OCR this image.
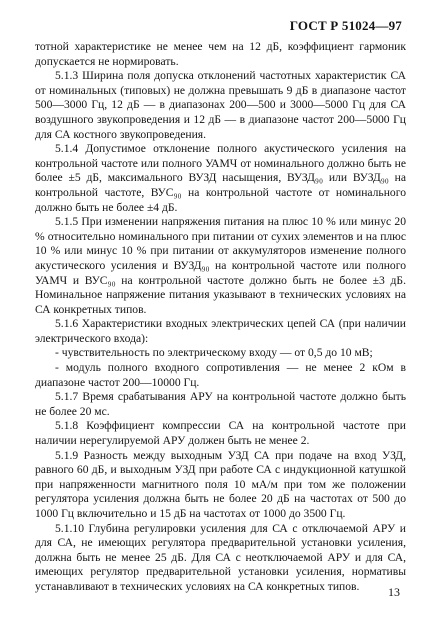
ГОСТ Р 51024—97

тотной характеристике не менее чем на 12 дБ, коэффициент гармоник допускается не нормировать.

5.1.3 Ширина поля допуска отклонений частотных характеристик СА от номинальных (типовых) не должна превышать 9 дБ в диапазоне частот 500—3000 Гц, 12 дБ — в диапазонах 200—500 и 3000—5000 Гц для СА воздушного звукопроведения и 12 дБ — в диапазоне частот 200—5000 Гц для СА костного звукопроведения.

5.1.4 Допустимое отклонение полного акустического усиления на контрольной частоте или полного УАМЧ от номинального должно быть не более ±5 дБ, максимального ВУЗД насыщения, ВУЗД₉₀ или ВУЗД₉₀ на контрольной частоте, ВУС₉₀ на контрольной частоте от номинального должно быть не более ±4 дБ.

5.1.5 При изменении напряжения питания на плюс 10 % или минус 20 % относительно номинального при питании от сухих элементов и на плюс 10 % или минус 10 % при питании от аккумуляторов изменение полного акустического усиления и ВУЗД₉₀ на контрольной частоте или полного УАМЧ и ВУС₉₀ на контрольной частоте должно быть не более ±3 дБ. Номинальное напряжение питания указывают в технических условиях на СА конкретных типов.

5.1.6 Характеристики входных электрических цепей СА (при наличии электрического входа):

- чувствительность по электрическому входу — от 0,5 до 10 мВ;

- модуль полного входного сопротивления — не менее 2 кОм в диапазоне частот 200—10000 Гц.

5.1.7 Время срабатывания АРУ на контрольной частоте должно быть не более 20 мс.

5.1.8 Коэффициент компрессии СА на контрольной частоте при наличии нерегулируемой АРУ должен быть не менее 2.

5.1.9 Разность между выходным УЗД СА при подаче на вход УЗД, равного 60 дБ, и выходным УЗД при работе СА с индукционной катушкой при напряженности магнитного поля 10 мА/м при том же положении регулятора усиления должна быть не более 20 дБ на частотах от 500 до 1000 Гц включительно и 15 дБ на частотах от 1000 до 3500 Гц.

5.1.10 Глубина регулировки усиления для СА с отключаемой АРУ и для СА, не имеющих регулятора предварительной установки усиления, должна быть не менее 25 дБ. Для СА с неотключаемой АРУ и для СА, имеющих регулятор предварительной установки усиления, нормативы устанавливают в технических условиях на СА конкретных типов.	13
